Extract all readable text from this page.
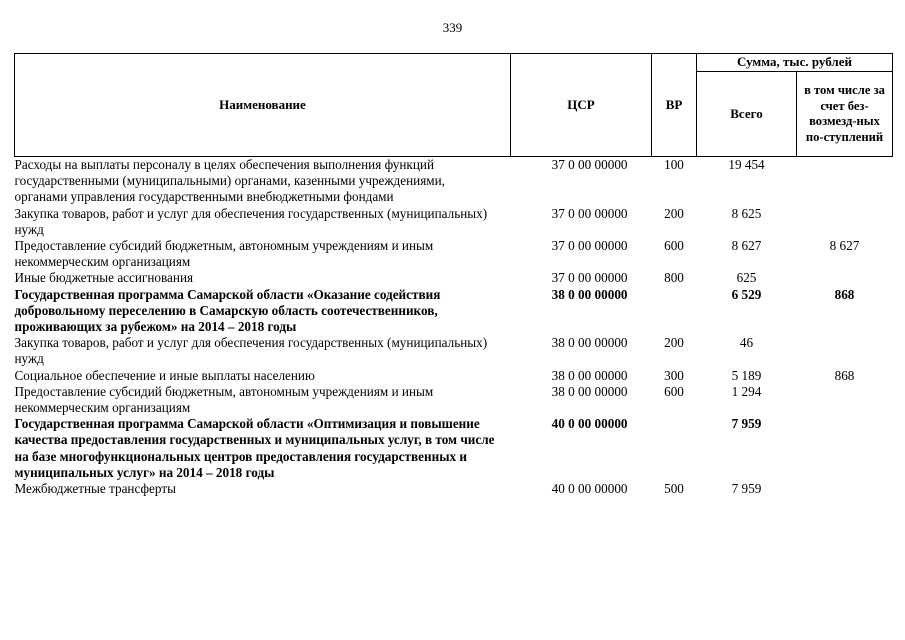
339
Наименование	ЦСР	ВР	Сумма, тыс. рублей	
			Всего	в том числе за счет без-возмезд-ных по-ступлений
Расходы на выплаты персоналу в целях обеспечения выполнения функций государственными (муниципальными) органами, казенными учреждениями, органами управления государственными внебюджетными фондами	37 0 00 00000	100	19 454	
Закупка товаров, работ и услуг для обеспечения государственных (муниципальных) нужд	37 0 00 00000	200	8 625	
Предоставление субсидий бюджетным, автономным учреждениям и иным некоммерческим организациям	37 0 00 00000	600	8 627	8 627
Иные бюджетные ассигнования	37 0 00 00000	800	625	
Государственная программа Самарской области «Оказание содействия добровольному переселению в Самарскую область соотечественников, проживающих за рубежом» на 2014 – 2018 годы	38 0 00 00000		6 529	868
Закупка товаров, работ и услуг для обеспечения государственных (муниципальных) нужд	38 0 00 00000	200	46	
Социальное обеспечение и иные выплаты населению	38 0 00 00000	300	5 189	868
Предоставление субсидий бюджетным, автономным учреждениям и иным некоммерческим организациям	38 0 00 00000	600	1 294	
Государственная программа Самарской области «Оптимизация и повышение качества предоставления государственных и муниципальных услуг, в том числе на базе многофункциональных центров предоставления государственных и муниципальных услуг» на 2014 – 2018 годы	40 0 00 00000		7 959	
Межбюджетные трансферты	40 0 00 00000	500	7 959	
